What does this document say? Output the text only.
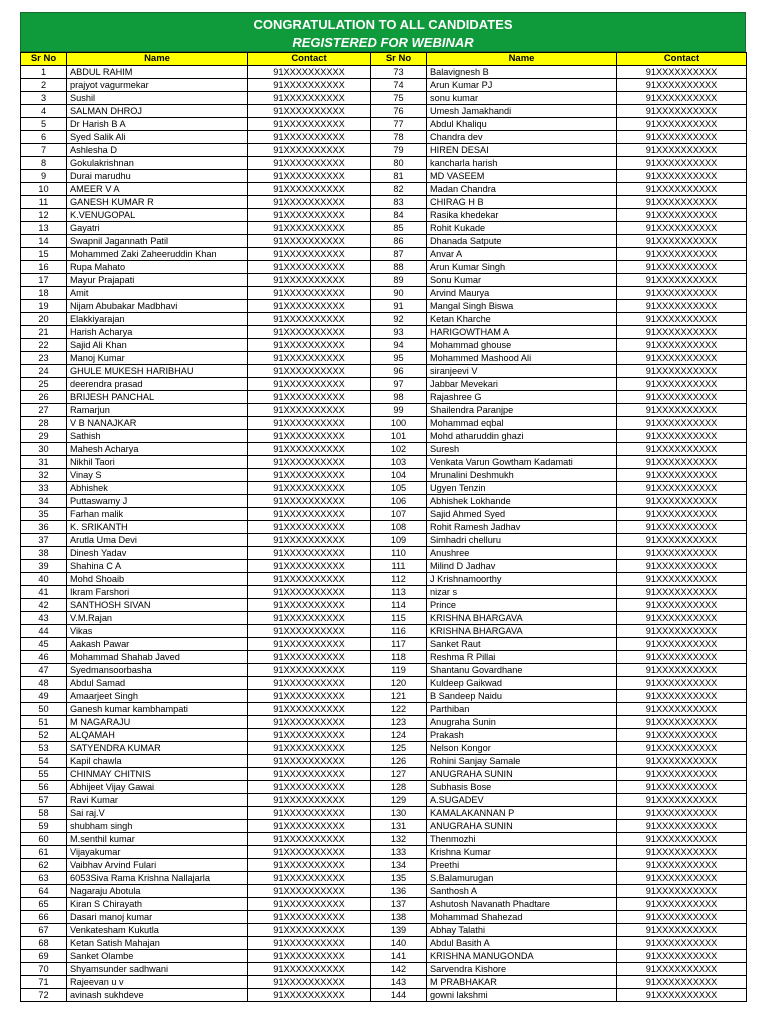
CONGRATULATION TO ALL CANDIDATES
REGISTERED FOR WEBINAR
Sr No	Name	Contact	Sr No	Name	Contact
1	ABDUL RAHIM	91XXXXXXXXXX	73	Balavignesh B	91XXXXXXXXXX
2	prajyot vagurmekar	91XXXXXXXXXX	74	Arun Kumar PJ	91XXXXXXXXXX
3	Sushil	91XXXXXXXXXX	75	sonu kumar	91XXXXXXXXXX
4	SALMAN DHROJ	91XXXXXXXXXX	76	Umesh Jamakhandi	91XXXXXXXXXX
5	Dr Harish B A	91XXXXXXXXXX	77	Abdul Khaliqu	91XXXXXXXXXX
6	Syed Salik Ali	91XXXXXXXXXX	78	Chandra dev	91XXXXXXXXXX
7	Ashlesha D	91XXXXXXXXXX	79	HIREN DESAI	91XXXXXXXXXX
8	Gokulakrishnan	91XXXXXXXXXX	80	kancharla harish	91XXXXXXXXXX
9	Durai marudhu	91XXXXXXXXXX	81	MD VASEEM	91XXXXXXXXXX
10	AMEER V A	91XXXXXXXXXX	82	Madan Chandra	91XXXXXXXXXX
11	GANESH KUMAR R	91XXXXXXXXXX	83	CHIRAG H B	91XXXXXXXXXX
12	K.VENUGOPAL	91XXXXXXXXXX	84	Rasika khedekar	91XXXXXXXXXX
13	Gayatri	91XXXXXXXXXX	85	Rohit Kukade	91XXXXXXXXXX
14	Swapnil Jagannath Patil	91XXXXXXXXXX	86	Dhanada Satpute	91XXXXXXXXXX
15	Mohammed Zaki Zaheeruddin Khan	91XXXXXXXXXX	87	Anvar A	91XXXXXXXXXX
16	Rupa Mahato	91XXXXXXXXXX	88	Arun Kumar Singh	91XXXXXXXXXX
17	Mayur Prajapati	91XXXXXXXXXX	89	Sonu Kumar	91XXXXXXXXXX
18	Amit	91XXXXXXXXXX	90	Arvind Maurya	91XXXXXXXXXX
19	Nijam Abubakar Madbhavi	91XXXXXXXXXX	91	Mangal Singh Biswa	91XXXXXXXXXX
20	Elakkiyarajan	91XXXXXXXXXX	92	Ketan Kharche	91XXXXXXXXXX
21	Harish Acharya	91XXXXXXXXXX	93	HARIGOWTHAM A	91XXXXXXXXXX
22	Sajid Ali Khan	91XXXXXXXXXX	94	Mohammad ghouse	91XXXXXXXXXX
23	Manoj Kumar	91XXXXXXXXXX	95	Mohammed Mashood Ali	91XXXXXXXXXX
24	GHULE MUKESH HARIBHAU	91XXXXXXXXXX	96	siranjeevi V	91XXXXXXXXXX
25	deerendra prasad	91XXXXXXXXXX	97	Jabbar Mevekari	91XXXXXXXXXX
26	BRIJESH PANCHAL	91XXXXXXXXXX	98	Rajashree G	91XXXXXXXXXX
27	Ramarjun	91XXXXXXXXXX	99	Shailendra Paranjpe	91XXXXXXXXXX
28	V B NANAJKAR	91XXXXXXXXXX	100	Mohammad eqbal	91XXXXXXXXXX
29	Sathish	91XXXXXXXXXX	101	Mohd atharuddin ghazi	91XXXXXXXXXX
30	Mahesh Acharya	91XXXXXXXXXX	102	Suresh	91XXXXXXXXXX
31	Nikhil Taori	91XXXXXXXXXX	103	Venkata Varun Gowtham Kadamati	91XXXXXXXXXX
32	Vinay S	91XXXXXXXXXX	104	Mrunalini Deshmukh	91XXXXXXXXXX
33	Abhishek	91XXXXXXXXXX	105	Ugyen Tenzin	91XXXXXXXXXX
34	Puttaswamy J	91XXXXXXXXXX	106	Abhishek Lokhande	91XXXXXXXXXX
35	Farhan malik	91XXXXXXXXXX	107	Sajid Ahmed Syed	91XXXXXXXXXX
36	K. SRIKANTH	91XXXXXXXXXX	108	Rohit Ramesh Jadhav	91XXXXXXXXXX
37	Arutla Uma Devi	91XXXXXXXXXX	109	Simhadri chelluru	91XXXXXXXXXX
38	Dinesh Yadav	91XXXXXXXXXX	110	Anushree	91XXXXXXXXXX
39	Shahina C A	91XXXXXXXXXX	111	Milind D Jadhav	91XXXXXXXXXX
40	Mohd Shoaib	91XXXXXXXXXX	112	J Krishnamoorthy	91XXXXXXXXXX
41	Ikram Farshori	91XXXXXXXXXX	113	nizar s	91XXXXXXXXXX
42	SANTHOSH SIVAN	91XXXXXXXXXX	114	Prince	91XXXXXXXXXX
43	V.M.Rajan	91XXXXXXXXXX	115	KRISHNA BHARGAVA	91XXXXXXXXXX
44	Vikas	91XXXXXXXXXX	116	KRISHNA BHARGAVA	91XXXXXXXXXX
45	Aakash Pawar	91XXXXXXXXXX	117	Sanket Raut	91XXXXXXXXXX
46	Mohammad Shahab Javed	91XXXXXXXXXX	118	Reshma R Pillai	91XXXXXXXXXX
47	Syedmansoorbasha	91XXXXXXXXXX	119	Shantanu Govardhane	91XXXXXXXXXX
48	Abdul Samad	91XXXXXXXXXX	120	Kuldeep Gaikwad	91XXXXXXXXXX
49	Amaarjeet Singh	91XXXXXXXXXX	121	B Sandeep Naidu	91XXXXXXXXXX
50	Ganesh kumar kambhampati	91XXXXXXXXXX	122	Parthiban	91XXXXXXXXXX
51	M NAGARAJU	91XXXXXXXXXX	123	Anugraha Sunin	91XXXXXXXXXX
52	ALQAMAH	91XXXXXXXXXX	124	Prakash	91XXXXXXXXXX
53	SATYENDRA KUMAR	91XXXXXXXXXX	125	Nelson Kongor	91XXXXXXXXXX
54	Kapil chawla	91XXXXXXXXXX	126	Rohini Sanjay Samale	91XXXXXXXXXX
55	CHINMAY CHITNIS	91XXXXXXXXXX	127	ANUGRAHA SUNIN	91XXXXXXXXXX
56	Abhijeet Vijay Gawai	91XXXXXXXXXX	128	Subhasis Bose	91XXXXXXXXXX
57	Ravi Kumar	91XXXXXXXXXX	129	A.SUGADEV	91XXXXXXXXXX
58	Sai raj.V	91XXXXXXXXXX	130	KAMALAKANNAN P	91XXXXXXXXXX
59	shubham singh	91XXXXXXXXXX	131	ANUGRAHA SUNIN	91XXXXXXXXXX
60	M.senthil kumar	91XXXXXXXXXX	132	Thenmozhi	91XXXXXXXXXX
61	Vijayakumar	91XXXXXXXXXX	133	Krishna Kumar	91XXXXXXXXXX
62	Vaibhav Arvind Fulari	91XXXXXXXXXX	134	Preethi	91XXXXXXXXXX
63	6053Siva Rama Krishna Nallajarla	91XXXXXXXXXX	135	S.Balamurugan	91XXXXXXXXXX
64	Nagaraju Abotula	91XXXXXXXXXX	136	Santhosh A	91XXXXXXXXXX
65	Kiran S Chirayath	91XXXXXXXXXX	137	Ashutosh Navanath Phadtare	91XXXXXXXXXX
66	Dasari manoj kumar	91XXXXXXXXXX	138	Mohammad Shahezad	91XXXXXXXXXX
67	Venkatesham Kukutla	91XXXXXXXXXX	139	Abhay Talathi	91XXXXXXXXXX
68	Ketan Satish Mahajan	91XXXXXXXXXX	140	Abdul Basith A	91XXXXXXXXXX
69	Sanket Olambe	91XXXXXXXXXX	141	KRISHNA MANUGONDA	91XXXXXXXXXX
70	Shyamsunder sadhwani	91XXXXXXXXXX	142	Sarvendra Kishore	91XXXXXXXXXX
71	Rajeevan u v	91XXXXXXXXXX	143	M PRABHAKAR	91XXXXXXXXXX
72	avinash sukhdeve	91XXXXXXXXXX	144	gowni lakshmi	91XXXXXXXXXX
